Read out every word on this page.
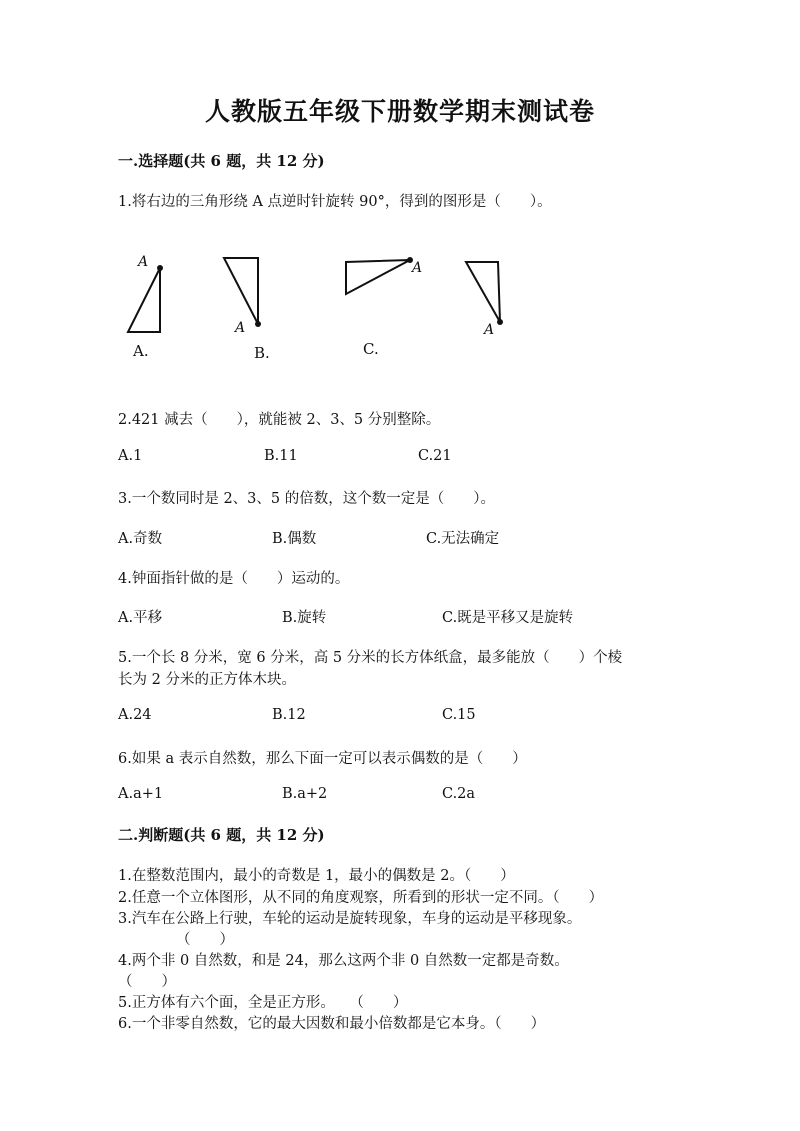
人教版五年级下册数学期末测试卷
一.选择题(共 6 题，共 12 分)
1.将右边的三角形绕 A 点逆时针旋转 90°，得到的图形是（　　）。
A
A.
A
B.
A
C.
A
2.421 减去（　　），就能被 2、3、5 分别整除。
A.1	B.11	C.21
3.一个数同时是 2、3、5 的倍数，这个数一定是（　　）。
A.奇数	B.偶数	C.无法确定
4.钟面指针做的是（　　）运动的。
A.平移	B.旋转	C.既是平移又是旋转
5.一个长 8 分米，宽 6 分米，高 5 分米的长方体纸盒，最多能放（　　）个棱
长为 2 分米的正方体木块。
A.24	B.12	C.15
6.如果 a 表示自然数，那么下面一定可以表示偶数的是（　　）
A.a+1	B.a+2	C.2a
二.判断题(共 6 题，共 12 分)
1.在整数范围内，最小的奇数是 1，最小的偶数是 2。（　　）
2.任意一个立体图形，从不同的角度观察，所看到的形状一定不同。（　　）
3.汽车在公路上行驶，车轮的运动是旋转现象，车身的运动是平移现象。
（　　）
4.两个非 0 自然数，和是 24，那么这两个非 0 自然数一定都是奇数。
（　　）
5.正方体有六个面，全是正方形。　　（　　）
6.一个非零自然数，它的最大因数和最小倍数都是它本身。（　　）
